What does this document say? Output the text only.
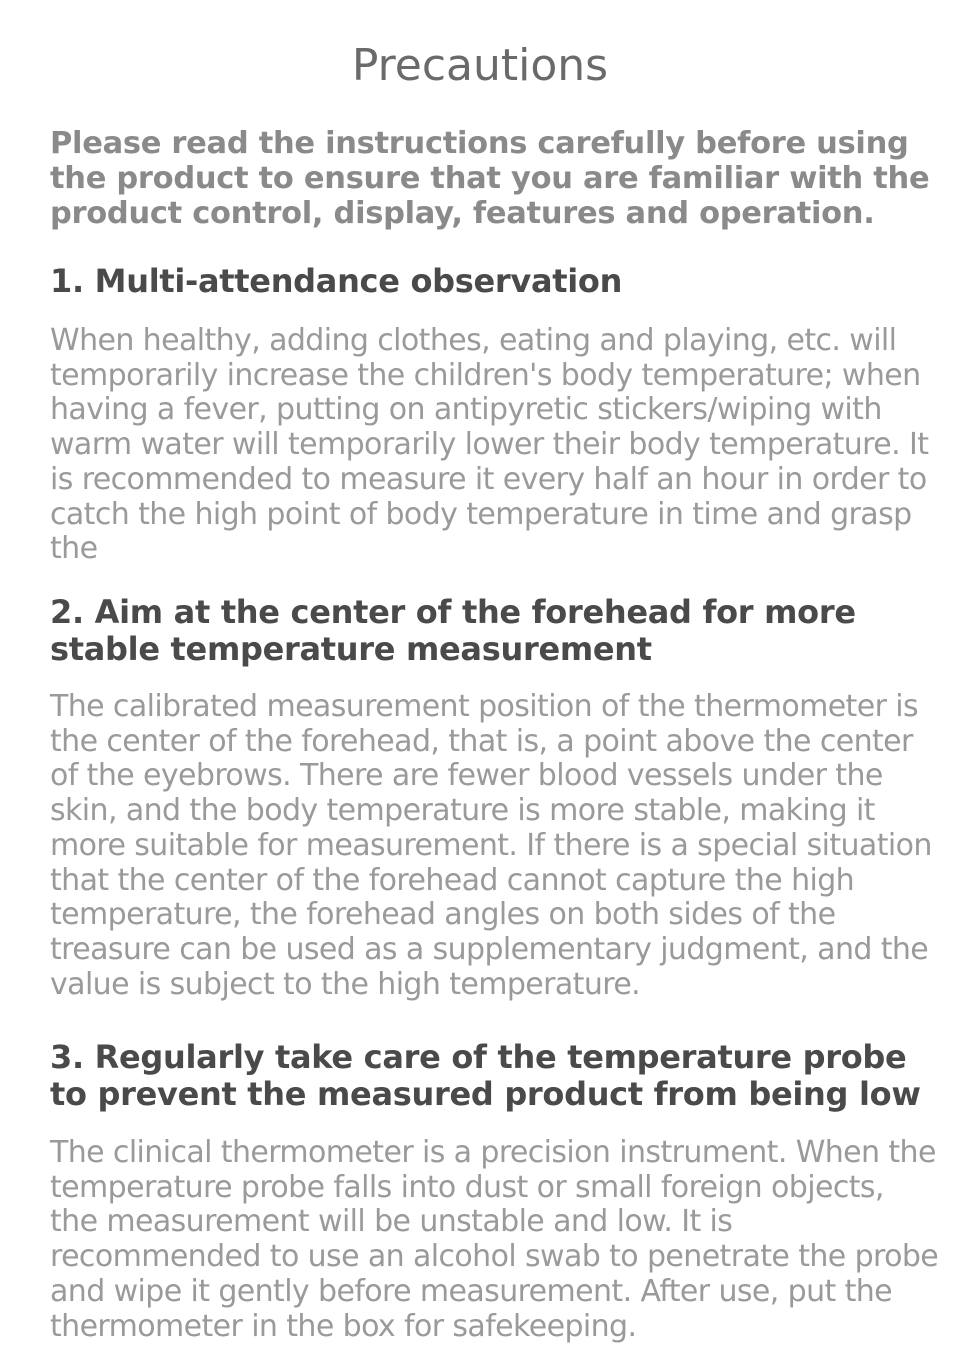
Precautions

Please read the instructions carefully before using the product to ensure that you are familiar with the product control, display, features and operation.

1. Multi-attendance observation

When healthy, adding clothes, eating and playing, etc. will temporarily increase the children's body temperature; when having a fever, putting on antipyretic stickers/wiping with warm water will temporarily lower their body temperature. It is recommended to measure it every half an hour in order to catch the high point of body temperature in time and grasp the

2. Aim at the center of the forehead for more stable temperature measurement

The calibrated measurement position of the thermometer is the center of the forehead, that is, a point above the center of the eyebrows. There are fewer blood vessels under the skin, and the body temperature is more stable, making it more suitable for measurement. If there is a special situation that the center of the forehead cannot capture the high temperature, the forehead angles on both sides of the treasure can be used as a supplementary judgment, and the value is subject to the high temperature.

3. Regularly take care of the temperature probe to prevent the measured product from being low

The clinical thermometer is a precision instrument. When the temperature probe falls into dust or small foreign objects, the measurement will be unstable and low. It is recommended to use an alcohol swab to penetrate the probe and wipe it gently before measurement. After use, put the thermometer in the box for safekeeping.
